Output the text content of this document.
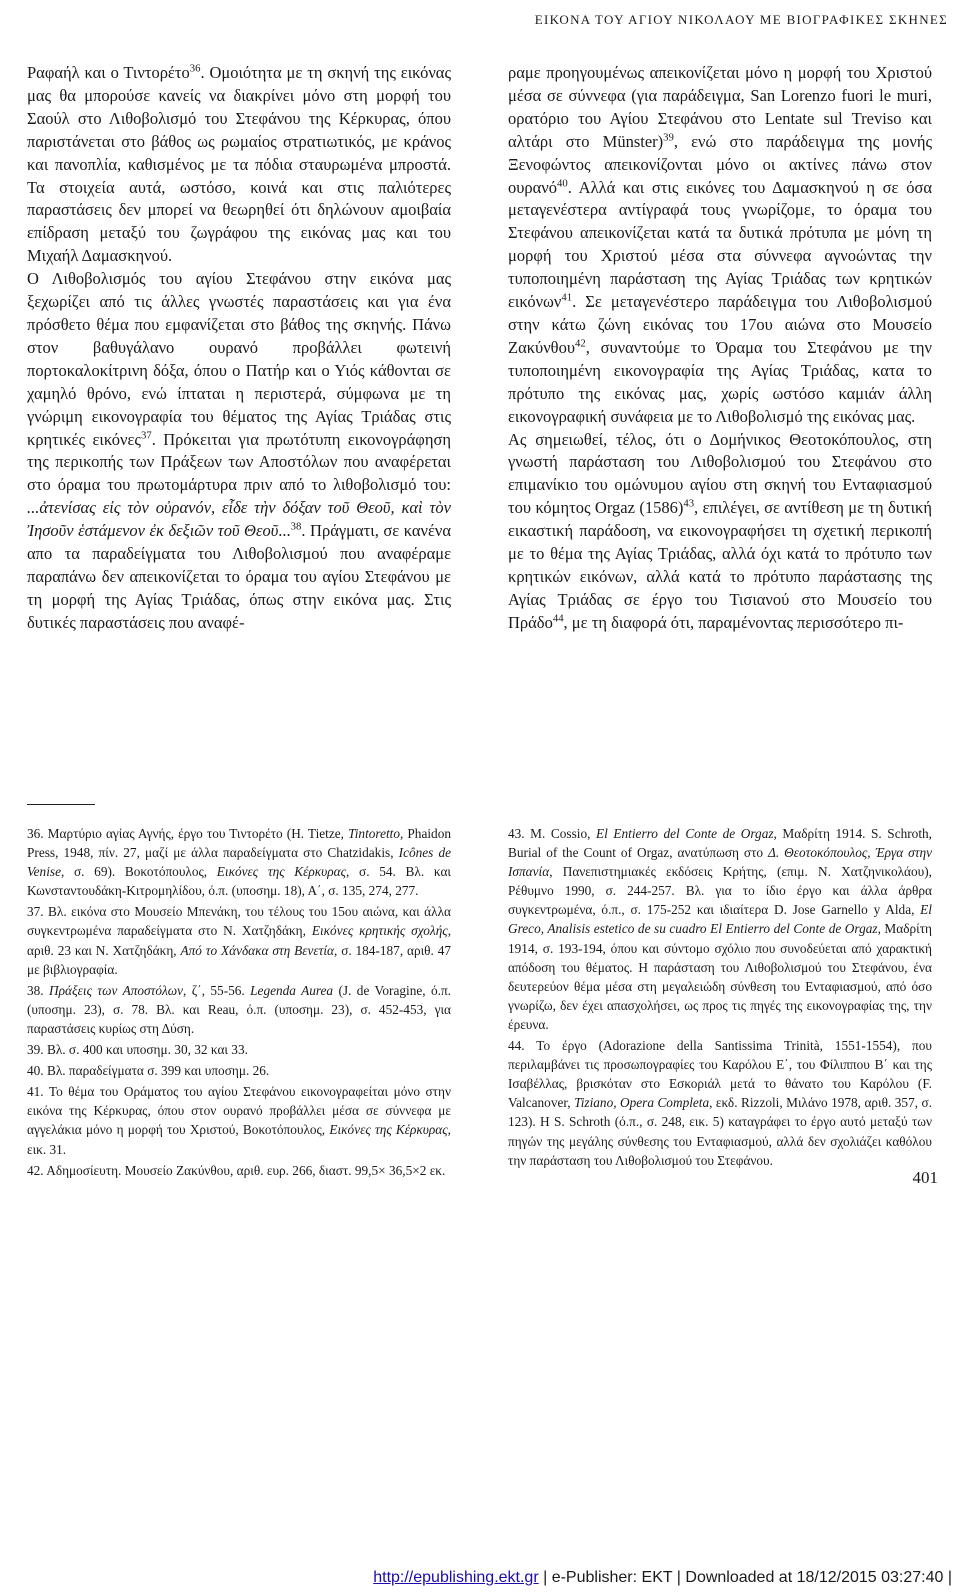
ΕΙΚΟΝΑ ΤΟΥ ΑΓΙΟΥ ΝΙΚΟΛΑΟΥ ΜΕ ΒΙΟΓΡΑΦΙΚΕΣ ΣΚΗΝΕΣ

Ραφαήλ και ο Τιντορέτο$^{36}$. Ομοιότητα με τη σκηνή της εικόνας μας θα μπορούσε κανείς να διακρίνει μόνο στη μορφή του Σαούλ στο Λιθοβολισμό του Στεφάνου της Κέρκυρας, όπου παριστάνεται στο βάθος ως ρωμαίος στρατιωτικός, με κράνος και πανοπλία, καθισμένος με τα πόδια σταυρωμένα μπροστά. Τα στοιχεία αυτά, ωστόσο, κοινά και στις παλιότερες παραστάσεις δεν μπορεί να θεωρηθεί ότι δηλώνουν αμοιβαία επίδραση μεταξύ του ζωγράφου της εικόνας μας και του Μιχαήλ Δαμασκηνού.

Ο Λιθοβολισμός του αγίου Στεφάνου στην εικόνα μας ξεχωρίζει από τις άλλες γνωστές παραστάσεις και για ένα πρόσθετο θέμα που εμφανίζεται στο βάθος της σκηνής. Πάνω στον βαθυγάλανο ουρανό προβάλλει φωτεινή πορτοκαλοκίτρινη δόξα, όπου ο Πατήρ και ο Υιός κάθονται σε χαμηλό θρόνο, ενώ ίπταται η περιστερά, σύμφωνα με τη γνώριμη εικονογραφία του θέματος της Αγίας Τριάδας στις κρητικές εικόνες$^{37}$. Πρόκειται για πρωτότυπη εικονογράφηση της περικοπής των Πράξεων των Αποστόλων που αναφέρεται στο όραμα του πρωτομάρτυρα πριν από το λιθοβολισμό του: ...ἀτενίσας εἰς τὸν οὐρανόν, εἶδε τὴν δόξαν τοῦ Θεοῦ, καὶ τὸν Ἰησοῦν ἑστάμενον ἐκ δεξιῶν τοῦ Θεοῦ...$^{38}$. Πράγματι, σε κανένα απο τα παραδείγματα του Λιθοβολισμού που αναφέραμε παραπάνω δεν απεικονίζεται το όραμα του αγίου Στεφάνου με τη μορφή της Αγίας Τριάδας, όπως στην εικόνα μας. Στις δυτικές παραστάσεις που αναφέ-

ραμε προηγουμένως απεικονίζεται μόνο η μορφή του Χριστού μέσα σε σύννεφα (για παράδειγμα, San Lorenzo fuori le muri, ορατόριο του Αγίου Στεφάνου στο Lentate sul Treviso και αλτάρι στο Münster)$^{39}$, ενώ στο παράδειγμα της μονής Ξενοφώντος απεικονίζονται μόνο οι ακτίνες πάνω στον ουρανό$^{40}$. Αλλά και στις εικόνες του Δαμασκηνού η σε όσα μεταγενέστερα αντίγραφά τους γνωρίζομε, το όραμα του Στεφάνου απεικονίζεται κατά τα δυτικά πρότυπα με μόνη τη μορφή του Χριστού μέσα στα σύννεφα αγνοώντας την τυποποιημένη παράσταση της Αγίας Τριάδας των κρητικών εικόνων$^{41}$. Σε μεταγενέστερο παράδειγμα του Λιθοβολισμού στην κάτω ζώνη εικόνας του 17ου αιώνα στο Μουσείο Ζακύνθου$^{42}$, συναντούμε το Όραμα του Στεφάνου με την τυποποιημένη εικονογραφία της Αγίας Τριάδας, κατα το πρότυπο της εικόνας μας, χωρίς ωστόσο καμιάν άλλη εικονογραφική συνάφεια με το Λιθοβολισμό της εικόνας μας.

Ας σημειωθεί, τέλος, ότι ο Δομήνικος Θεοτοκόπουλος, στη γνωστή παράσταση του Λιθοβολισμού του Στεφάνου στο επιμανίκιο του ομώνυμου αγίου στη σκηνή του Ενταφιασμού του κόμητος Orgaz $(1586)^{43}$, επιλέγει, σε αντίθεση με τη δυτική εικαστική παράδοση, να εικονογραφήσει τη σχετική περικοπή με το θέμα της Αγίας Τριάδας, αλλά όχι κατά το πρότυπο των κρητικών εικόνων, αλλά κατά το πρότυπο παράστασης της Αγίας Τριάδας σε έργο του Τισιανού στο Μουσείο του Πράδο$^{44}$, με τη διαφορά ότι, παραμένοντας περισσότερο πι-

36. Μαρτύριο αγίας Αγνής, έργο του Τιντορέτο (H. Tietze, Tintoretto, Phaidon Press, 1948, πίν. 27, μαζί με άλλα παραδείγματα στο Chatzidakis, Icônes de Venise, σ. 69). Βοκοτόπουλος, Εικόνες της Κέρκυρας, σ. 54. Βλ. και Κωνσταντουδάκη-Κιτρομηλίδου, ό.π. (υποσημ. 18), Α΄, σ. 135, 274, 277.

37. Βλ. εικόνα στο Μουσείο Μπενάκη, του τέλους του 15ου αιώνα, και άλλα συγκεντρωμένα παραδείγματα στο Ν. Χατζηδάκη, Εικόνες κρητικής σχολής, αριθ. 23 και Ν. Χατζηδάκη, Από το Χάνδακα στη Βενετία, σ. 184-187, αριθ. 47 με βιβλιογραφία.

38. Πράξεις των Αποστόλων, ζ΄, 55-56. Legenda Aurea (J. de Voragine, ό.π. (υποσημ. 23), σ. 78. Βλ. και Reau, ό.π. (υποσημ. 23), σ. 452-453, για παραστάσεις κυρίως στη Δύση.

39. Βλ. σ. 400 και υποσημ. 30, 32 και 33.

40. Βλ. παραδείγματα σ. 399 και υποσημ. 26.

41. Το θέμα του Οράματος του αγίου Στεφάνου εικονογραφείται μόνο στην εικόνα της Κέρκυρας, όπου στον ουρανό προβάλλει μέσα σε σύννεφα με αγγελάκια μόνο η μορφή του Χριστού, Βοκοτόπουλος, Εικόνες της Κέρκυρας, εικ. 31.

42. Αδημοσίευτη. Μουσείο Ζακύνθου, αριθ. ευρ. 266, διαστ. 99,5× 36,5×2 εκ.

43. M. Cossio, El Entierro del Conte de Orgaz, Μαδρίτη 1914. S. Schroth, Burial of the Count of Orgaz, ανατύπωση στο Δ. Θεοτοκόπουλος, Έργα στην Ισπανία, Πανεπιστημιακές εκδόσεις Κρήτης, (επιμ. Ν. Χατζηνικολάου), Ρέθυμνο 1990, σ. 244-257. Βλ. για το ίδιο έργο και άλλα άρθρα συγκεντρωμένα, ό.π., σ. 175-252 και ιδιαίτερα D. Jose Garnello y Alda, El Greco, Analisis estetico de su cuadro El Entierro del Conte de Orgaz, Μαδρίτη 1914, σ. 193-194, όπου και σύντομο σχόλιο που συνοδεύεται από χαρακτική απόδοση του θέματος. Η παράσταση του Λιθοβολισμού του Στεφάνου, ένα δευτερεύον θέμα μέσα στη μεγαλειώδη σύνθεση του Ενταφιασμού, από όσο γνωρίζω, δεν έχει απασχολήσει, ως προς τις πηγές της εικονογραφίας της, την έρευνα.

44. Το έργο (Adorazione della Santissima Trinità, 1551-1554), που περιλαμβάνει τις προσωπογραφίες του Καρόλου Ε΄, του Φίλιππου Β΄ και της Ισαβέλλας, βρισκόταν στο Εσκοριάλ μετά το θάνατο του Καρόλου (F. Valcanover, Tiziano, Opera Completa, εκδ. Rizzoli, Μιλάνο 1978, αριθ. 357, σ. 123). Η S. Schroth (ό.π., σ. 248, εικ. 5) καταγράφει το έργο αυτό μεταξύ των πηγών της μεγάλης σύνθεσης του Ενταφιασμού, αλλά δεν σχολιάζει καθόλου την παράσταση του Λιθοβολισμού του Στεφάνου.

401
http://epublishing.ekt.gr | e-Publisher: EKT | Downloaded at 18/12/2015 03:27:40 |
